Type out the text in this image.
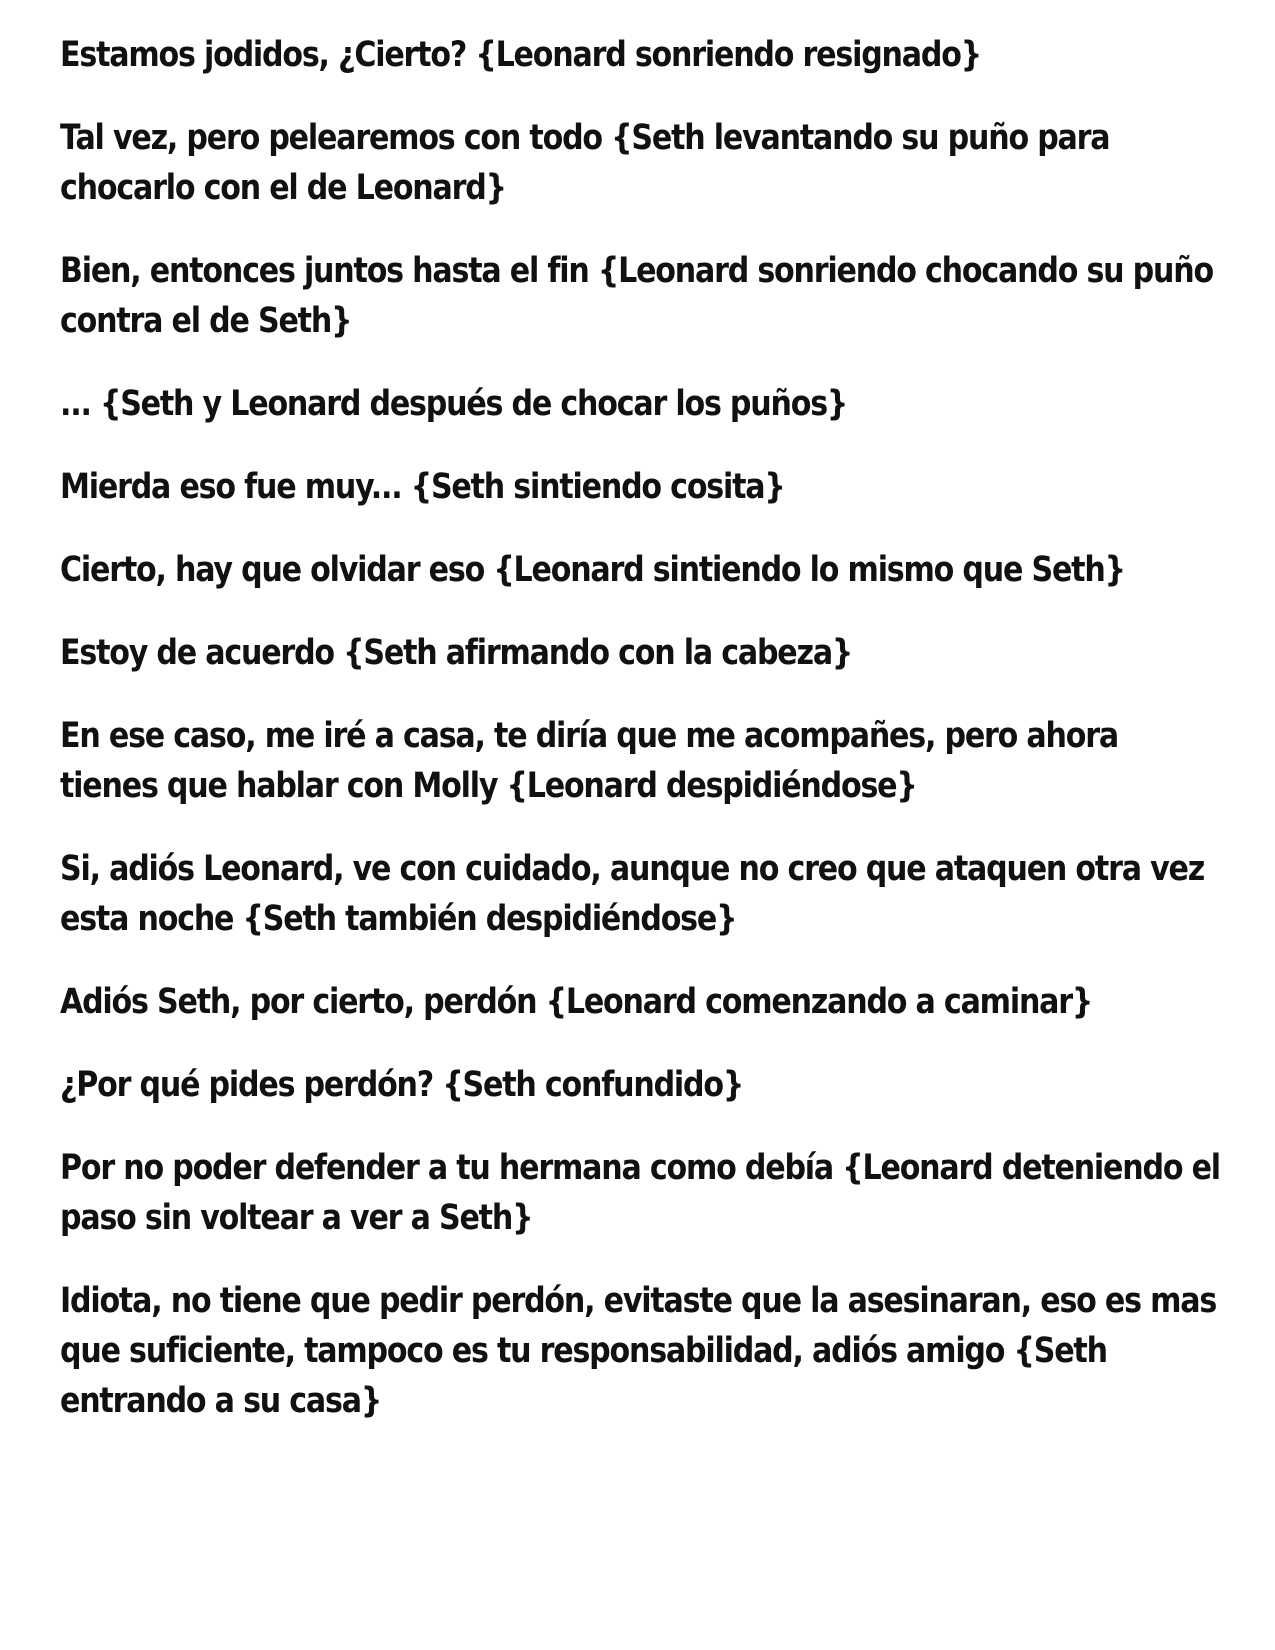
Estamos jodidos, ¿Cierto? {Leonard sonriendo resignado}

Tal vez, pero pelearemos con todo {Seth levantando su puño para chocarlo con el de Leonard}

Bien, entonces juntos hasta el fin {Leonard sonriendo chocando su puño contra el de Seth}

... {Seth y Leonard después de chocar los puños}

Mierda eso fue muy... {Seth sintiendo cosita}

Cierto, hay que olvidar eso {Leonard sintiendo lo mismo que Seth}

Estoy de acuerdo {Seth afirmando con la cabeza}

En ese caso, me iré a casa, te diría que me acompañes, pero ahora tienes que hablar con Molly {Leonard despidiéndose}

Si, adiós Leonard, ve con cuidado, aunque no creo que ataquen otra vez esta noche {Seth también despidiéndose}

Adiós Seth, por cierto, perdón {Leonard comenzando a caminar}

¿Por qué pides perdón? {Seth confundido}

Por no poder defender a tu hermana como debía {Leonard deteniendo el paso sin voltear a ver a Seth}

Idiota, no tiene que pedir perdón, evitaste que la asesinaran, eso es mas que suficiente, tampoco es tu responsabilidad, adiós amigo {Seth entrando a su casa}
